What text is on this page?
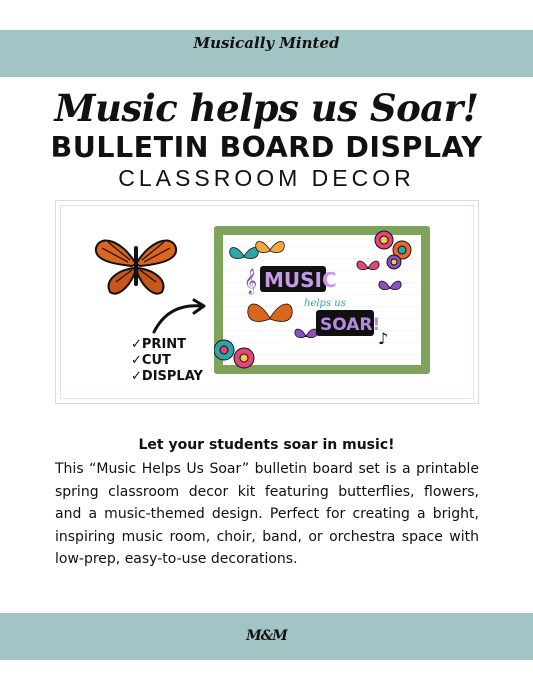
Musically Minted
Music helps us Soar!
BULLETIN BOARD DISPLAY
CLASSROOM DECOR
✓PRINT
✓CUT
✓DISPLAY
𝄞 MUSIC
helps us
SOAR!
♪
Let your students soar in music!
This “Music Helps Us Soar” bulletin board set is a printable spring classroom decor kit featuring butterflies, flowers, and a music-themed design. Perfect for creating a bright, inspiring music room, choir, band, or orchestra space with low-prep, easy-to-use decorations.
M&M
